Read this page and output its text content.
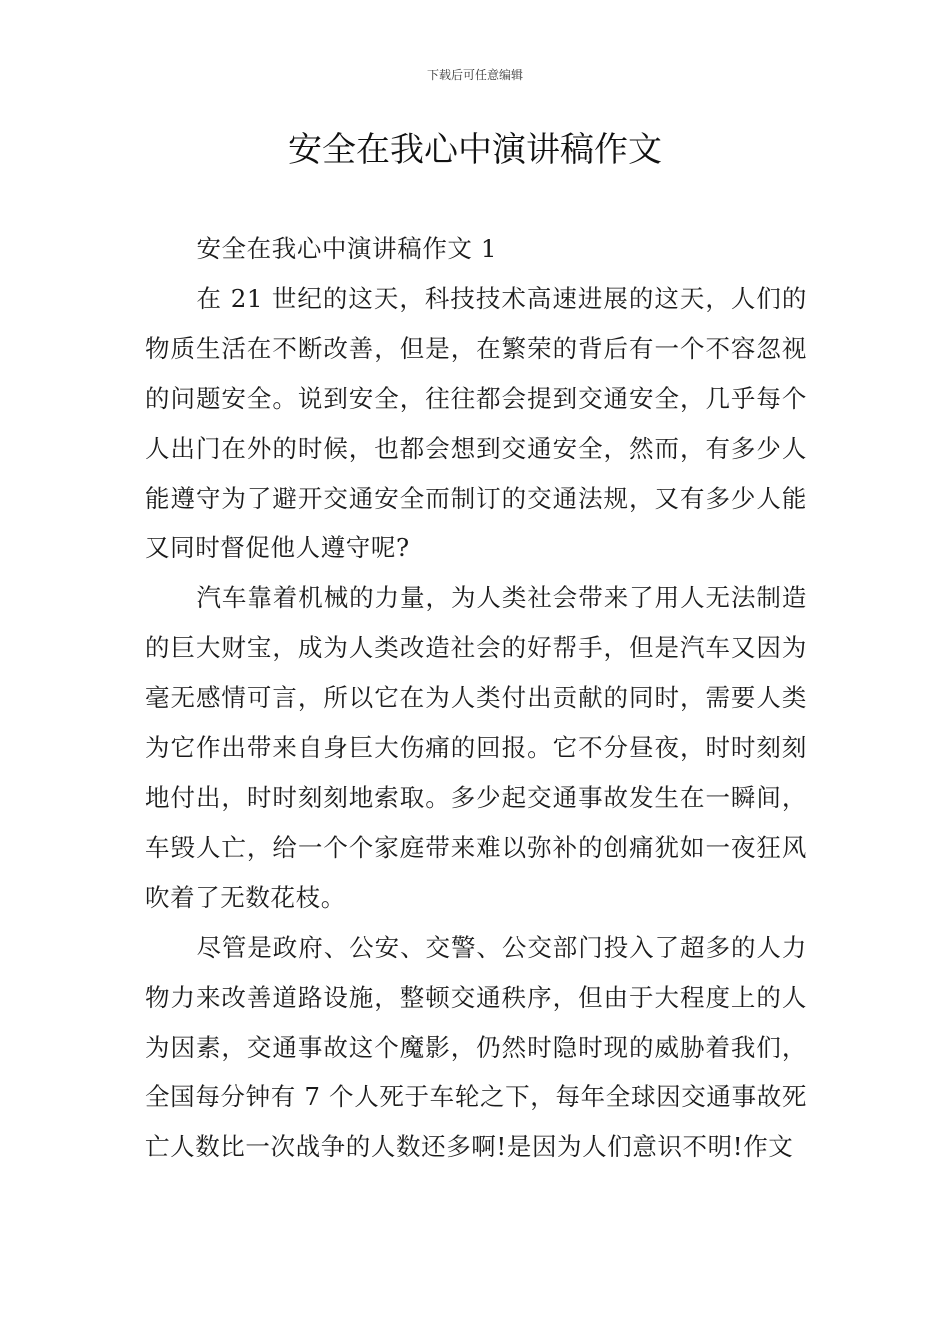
下载后可任意编辑
安全在我心中演讲稿作文

安全在我心中演讲稿作文 1

在 21 世纪的这天，科技技术高速进展的这天，人们的物质生活在不断改善，但是，在繁荣的背后有一个不容忽视的问题安全。说到安全，往往都会提到交通安全，几乎每个人出门在外的时候，也都会想到交通安全，然而，有多少人能遵守为了避开交通安全而制订的交通法规，又有多少人能又同时督促他人遵守呢?

汽车靠着机械的力量，为人类社会带来了用人无法制造的巨大财宝，成为人类改造社会的好帮手，但是汽车又因为毫无感情可言，所以它在为人类付出贡献的同时，需要人类为它作出带来自身巨大伤痛的回报。它不分昼夜，时时刻刻地付出，时时刻刻地索取。多少起交通事故发生在一瞬间，车毁人亡，给一个个家庭带来难以弥补的创痛犹如一夜狂风吹着了无数花枝。

尽管是政府、公安、交警、公交部门投入了超多的人力物力来改善道路设施，整顿交通秩序，但由于大程度上的人为因素，交通事故这个魔影，仍然时隐时现的威胁着我们，全国每分钟有 7 个人死于车轮之下，每年全球因交通事故死亡人数比一次战争的人数还多啊!是因为人们意识不明!作文
